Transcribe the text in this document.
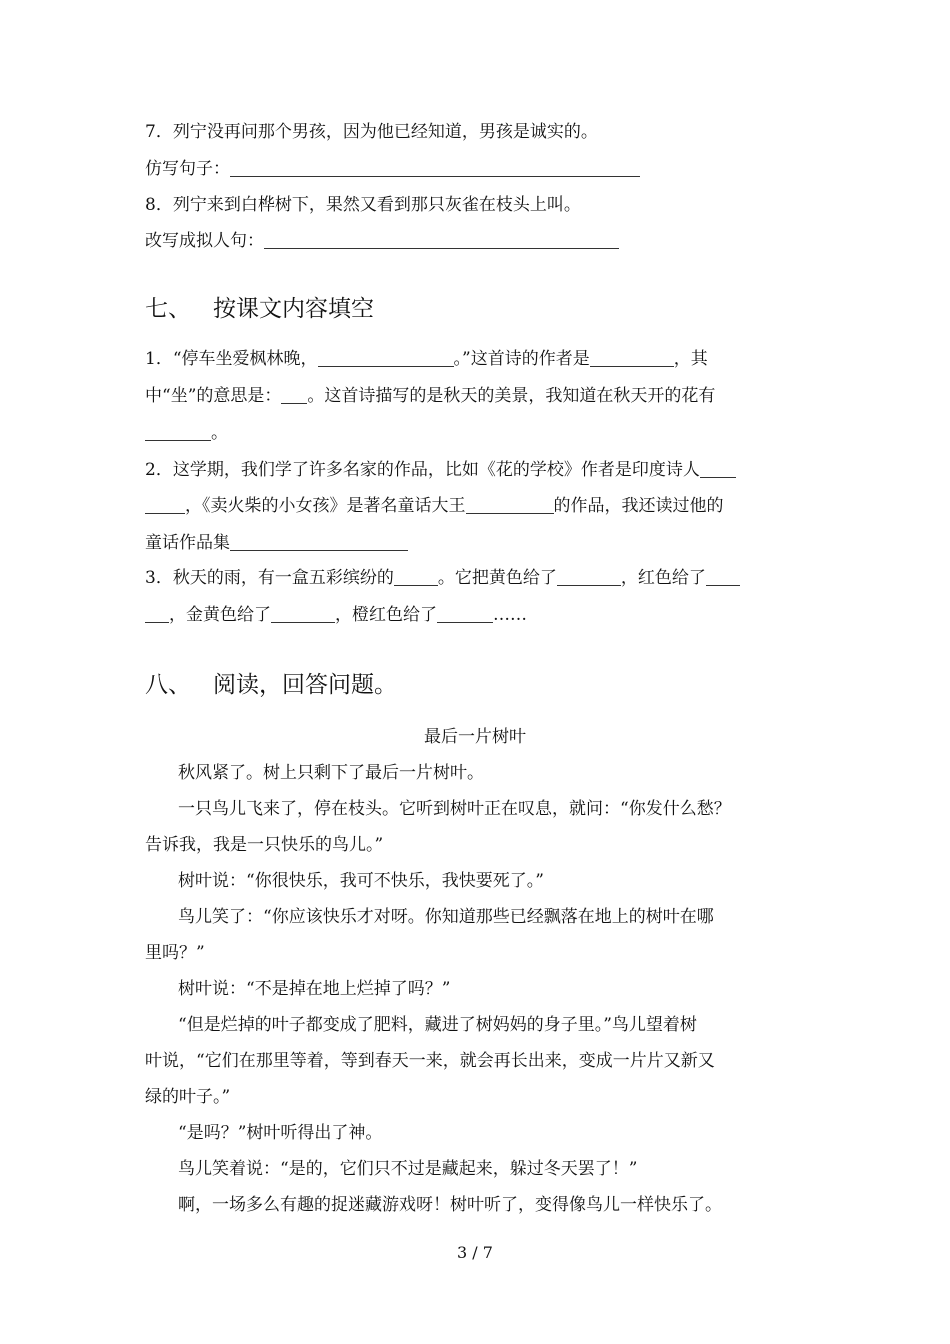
7．列宁没再问那个男孩，因为他已经知道，男孩是诚实的。
仿写句子：
8．列宁来到白桦树下，果然又看到那只灰雀在枝头上叫。
改写成拟人句：
七、 按课文内容填空
1．“停车坐爱枫林晚，	。”这首诗的作者是	，其
中“坐”的意思是： 。这首诗描写的是秋天的美景，我知道在秋天开的花有
。
2．这学期，我们学了许多名家的作品，比如《花的学校》作者是印度诗人
，《卖火柴的小女孩》是著名童话大王	的作品，我还读过他的
童话作品集
3．秋天的雨，有一盒五彩缤纷的	。它把黄色给了	，红色给了
，金黄色给了	，橙红色给了	……
八、 阅读，回答问题。
最后一片树叶
秋风紧了。树上只剩下了最后一片树叶。
一只鸟儿飞来了，停在枝头。它听到树叶正在叹息，就问：“你发什么愁？
告诉我，我是一只快乐的鸟儿。”
树叶说：“你很快乐，我可不快乐，我快要死了。”
鸟儿笑了：“你应该快乐才对呀。你知道那些已经飘落在地上的树叶在哪
里吗？”
树叶说：“不是掉在地上烂掉了吗？”
“但是烂掉的叶子都变成了肥料，藏进了树妈妈的身子里。”鸟儿望着树
叶说，“它们在那里等着，等到春天一来，就会再长出来，变成一片片又新又
绿的叶子。”
“是吗？”树叶听得出了神。
鸟儿笑着说：“是的，它们只不过是藏起来，躲过冬天罢了！”
啊，一场多么有趣的捉迷藏游戏呀！树叶听了，变得像鸟儿一样快乐了。
3 / 7
